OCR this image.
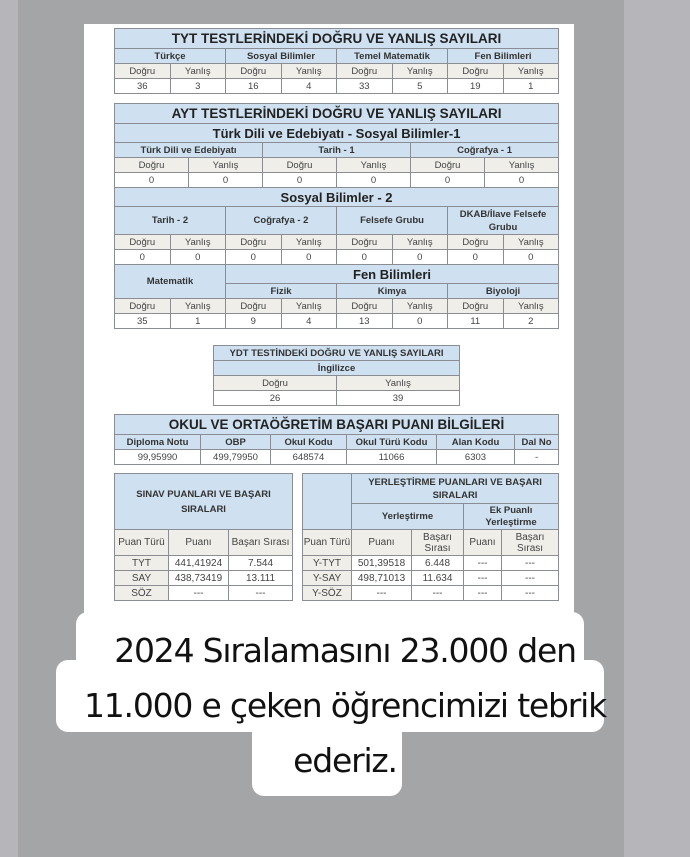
TYT TESTLERİNDEKİ DOĞRU VE YANLIŞ SAYILARI							
Türkçe		Sosyal Bilimler		Temel Matematik		Fen Bilimleri	
Doğru	Yanlış	Doğru	Yanlış	Doğru	Yanlış	Doğru	Yanlış
36	3	16	4	33	5	19	1
AYT TESTLERİNDEKİ DOĞRU VE YANLIŞ SAYILARI											
Türk Dili ve Edebiyatı - Sosyal Bilimler-1											
Türk Dili ve Edebiyatı				Tarih - 1				Coğrafya - 1			
Doğru		Yanlış		Doğru		Yanlış		Doğru		Yanlış	
0		0		0		0		0		0	
Sosyal Bilimler - 2											
Tarih - 2			Coğrafya - 2			Felsefe Grubu			DKAB/İlave Felsefe Grubu		
Doğru	Yanlış		Doğru		Yanlış	Doğru	Yanlış		Doğru		Yanlış
0	0		0		0	0	0		0		0
Matematik			Fen Bilimleri								
			Fizik			Kimya			Biyoloji		
Doğru	Yanlış		Doğru		Yanlış	Doğru	Yanlış		Doğru		Yanlış
35	1		9		4	13	0		11		2
YDT TESTİNDEKİ DOĞRU VE YANLIŞ SAYILARI	
İngilizce	
Doğru	Yanlış
26	39
OKUL VE ORTAÖĞRETİM BAŞARI PUANI BİLGİLERİ					
Diploma Notu	OBP	Okul Kodu	Okul Türü Kodu	Alan Kodu	Dal No
99,95990	499,79950	648574	11066	6303	-
SINAV PUANLARI VE BAŞARI SIRALARI		
Puan Türü	Puanı	Başarı Sırası
TYT	441,41924	7.544
SAY	438,73419	13.111
SÖZ	---	---
	YERLEŞTİRME PUANLARI VE BAŞARI SIRALARI			
	Yerleştirme		Ek Puanlı Yerleştirme	
Puan Türü	Puanı	Başarı Sırası	Puanı	Başarı Sırası
Y-TYT	501,39518	6.448	---	---
Y-SAY	498,71013	11.634	---	---
Y-SÖZ	---	---	---	---
2024 Sıralamasını 23.000 den
11.000 e çeken öğrencimizi tebrik
ederiz.
